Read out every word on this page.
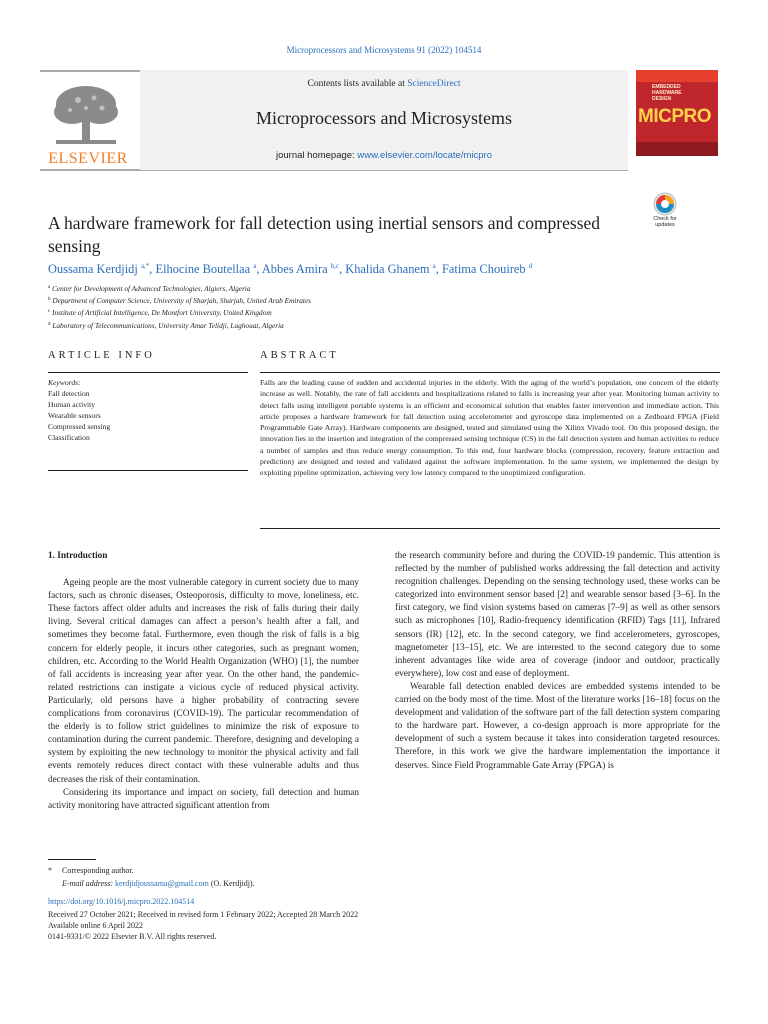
Microprocessors and Microsystems 91 (2022) 104514
ELSEVIER
Contents lists available at ScienceDirect
Microprocessors and Microsystems
journal homepage: www.elsevier.com/locate/micpro
EMBEDDED
HARDWARE
DESIGN
MICPRO
Check for
updates
A hardware framework for fall detection using inertial sensors and compressed sensing
Oussama Kerdjidj $^{a,*}$, Elhocine Boutellaa $^a$, Abbes Amira $^{b,c}$, Khalida Ghanem $^a$, Fatima Chouireb $^d$
$^a$ Center for Development of Advanced Technologies, Algiers, Algeria
$^b$ Department of Computer Science, University of Sharjah, Sharjah, United Arab Emirates
$^c$ Institute of Artificial Intelligence, De Montfort University, United Kingdom
$^d$ Laboratory of Telecommunications, University Amar Telidji, Laghouat, Algeria
ARTICLE INFO
Keywords:
Fall detection
Human activity
Wearable sensors
Compressed sensing
Classification
ABSTRACT

Falls are the leading cause of sudden and accidental injuries in the elderly. With the aging of the world’s population, one concern of the elderly increase as well. Notably, the rate of fall accidents and hospitalizations related to falls is increasing year after year. Monitoring human activity to detect falls using intelligent portable systems is an efficient and economical solution that enables faster intervention and immediate action. This article proposes a hardware framework for fall detection using accelerometer and gyroscope data implemented on a Zedboard FPGA (Field Programmable Gate Array). Hardware components are designed, tested and simulated using the Xilinx Vivado tool. On this proposed design, the innovation lies in the insertion and integration of the compressed sensing technique (CS) in the fall detection system and human activities to reduce a number of samples and thus reduce energy consumption. To this end, four hardware blocks (compression, recovery, feature extraction and prediction) are designed and tested and validated against the software implementation. In the same system, we implemented the design by exploiting pipeline optimization, achieving very low latency compared to the unoptimized configuration.

1. Introduction

Ageing people are the most vulnerable category in current society due to many factors, such as chronic diseases, Osteoporosis, difficulty to move, loneliness, etc. These factors affect older adults and increases the risk of falls during their daily living. Several critical damages can affect a person’s health after a fall, and sometimes they become fatal. Furthermore, even though the risk of falls is a big concern for elderly people, it incurs other categories, such as pregnant women, children, etc. According to the World Health Organization (WHO) [1], the number of fall accidents is increasing year after year. On the other hand, the pandemic-related restrictions can instigate a vicious cycle of reduced physical activity. Particularly, old persons have a higher probability of contracting severe complications from coronavirus (COVID-19). The particular recommendation of the elderly is to follow strict guidelines to minimize the risk of exposure to contamination during the current pandemic. Therefore, designing and developing a system by exploiting the new technology to monitor the physical activity and fall events remotely reduces direct contact with these vulnerable adults and thus decreases the risk of their contamination.

Considering its importance and impact on society, fall detection and human activity monitoring have attracted significant attention from

the research community before and during the COVID-19 pandemic. This attention is reflected by the number of published works addressing the fall detection and activity recognition challenges. Depending on the sensing technology used, these works can be categorized into environment sensor based [2] and wearable sensor based [3–6]. In the first category, we find vision systems based on cameras [7–9] as well as other sensors such as microphones [10], Radio-frequency identification (RFID) Tags [11], Infrared sensors (IR) [12], etc. In the second category, we find accelerometers, gyroscopes, magnetometer [13–15], etc. We are interested to the second category due to some inherent advantages like wide area of coverage (indoor and outdoor, practically everywhere), low cost and ease of deployment.

Wearable fall detection enabled devices are embedded systems intended to be carried on the body most of the time. Most of the literature works [16–18] focus on the development and validation of the software part of the fall detection system comparing to the hardware part. However, a co-design approach is more appropriate for the development of such a system because it takes into consideration targeted resources. Therefore, in this work we give the hardware implementation the importance it deserves. Since Field Programmable Gate Array (FPGA) is

* Corresponding author.
E-mail address: kerdjidjoussama@gmail.com (O. Kerdjidj).
https://doi.org/10.1016/j.micpro.2022.104514
Received 27 October 2021; Received in revised form 1 February 2022; Accepted 28 March 2022
Available online 6 April 2022
0141-9331/© 2022 Elsevier B.V. All rights reserved.
